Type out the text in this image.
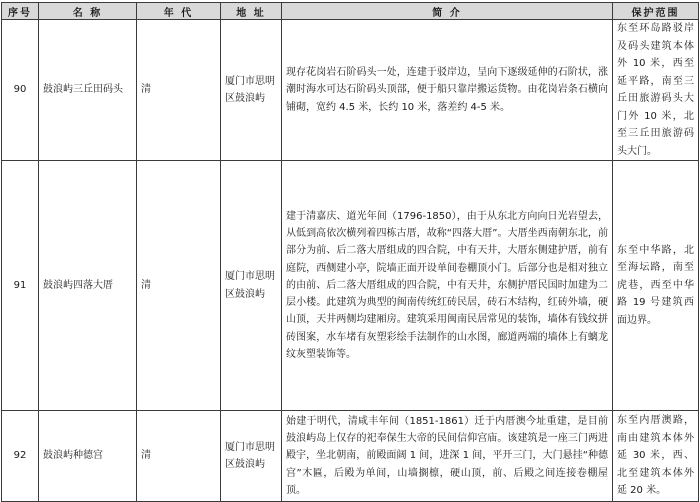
序号	名 称	年 代	地 址	简 介	保护范围
90	鼓浪屿三丘田码头	清	厦门市思明区鼓浪屿	现存花岗岩石阶码头一处，连建于驳岸边，呈向下逐级延伸的石阶状，涨潮时海水可达石阶码头顶部，便于船只靠岸搬运货物。由花岗岩条石横向铺砌，宽约 4.5 米，长约 10 米，落差约 4-5 米。	东至环岛路驳岸及码头建筑本体外 10 米，西至延平路，南至三丘田旅游码头大门外 10 米，北至三丘田旅游码头大门。
91	鼓浪屿四落大厝	清	厦门市思明区鼓浪屿	建于清嘉庆、道光年间（1796-1850），由于从东北方向向日光岩望去，从低到高依次横列着四栋古厝，故称“四落大厝”。大厝坐西南朝东北，前部分为前、后二落大厝组成的四合院，中有天井，大厝东侧建护厝，前有庭院，西侧建小亭，院墙正面开设单间卷棚顶小门。后部分也是相对独立的由前、后二落大厝组成的四合院，中有天井，东侧护厝民国时加建为二层小楼。此建筑为典型的闽南传统红砖民居，砖石木结构，红砖外墙，硬山顶，天井两侧均建厢房。建筑采用闽南民居常见的装饰，墙体有钱纹拼砖图案，水车堵有灰塑彩绘手法制作的山水图，廊道两端的墙体上有螭龙纹灰塑装饰等。	东至中华路，北至海坛路，南至虎巷，西至中华路 19 号建筑西面边界。
92	鼓浪屿种德宫	清	厦门市思明区鼓浪屿	始建于明代，清咸丰年间（1851-1861）迁于内厝澳今址重建，是目前鼓浪屿岛上仅存的祀奉保生大帝的民间信仰宫庙。该建筑是一座三门两进殿宇，坐北朝南，前殿面阔 1 间，进深 1 间，平开三门，大门悬挂“种德宫”木匾，后殿为单间，山墙搁檩，硬山顶，前、后殿之间连接卷棚屋顶。	东至内厝澳路，南由建筑本体外延 30 米，西、北至建筑本体外延 20 米。
